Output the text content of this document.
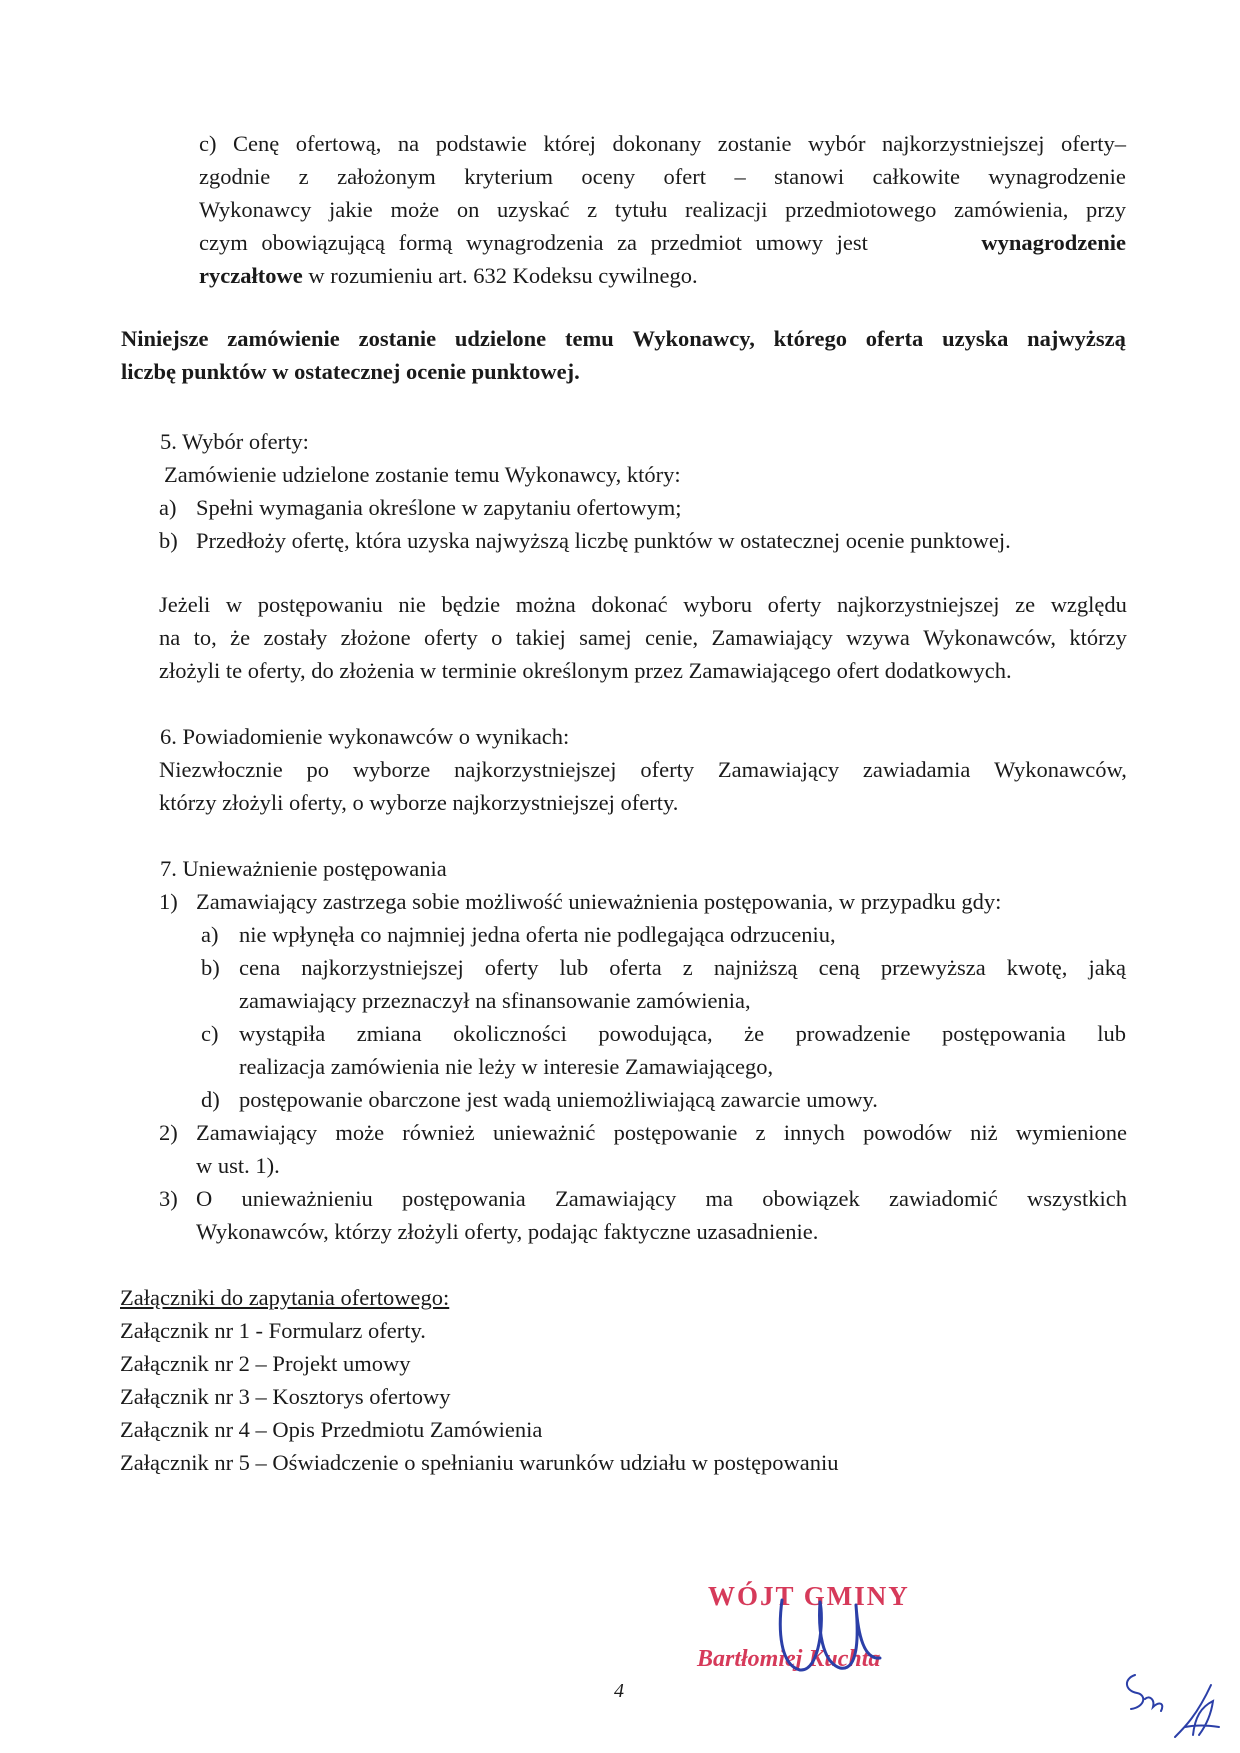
c) Cenę ofertową, na podstawie której dokonany zostanie wybór najkorzystniejszej oferty–
zgodnie z założonym kryterium oceny ofert – stanowi całkowite wynagrodzenie
Wykonawcy jakie może on uzyskać z tytułu realizacji przedmiotowego zamówienia, przy
czym obowiązującą formą wynagrodzenia za przedmiot umowy jest	wynagrodzenie
ryczałtowe w rozumieniu art. 632 Kodeksu cywilnego.
Niniejsze zamówienie zostanie udzielone temu Wykonawcy, którego oferta uzyska najwyższą
liczbę punktów w ostatecznej ocenie punktowej.
5. Wybór oferty:
Zamówienie udzielone zostanie temu Wykonawcy, który:
a) Spełni wymagania określone w zapytaniu ofertowym;
b) Przedłoży ofertę, która uzyska najwyższą liczbę punktów w ostatecznej ocenie punktowej.
Jeżeli w postępowaniu nie będzie można dokonać wyboru oferty najkorzystniejszej ze względu
na to, że zostały złożone oferty o takiej samej cenie, Zamawiający wzywa Wykonawców, którzy
złożyli te oferty, do złożenia w terminie określonym przez Zamawiającego ofert dodatkowych.
6. Powiadomienie wykonawców o wynikach:
Niezwłocznie po wyborze najkorzystniejszej oferty Zamawiający zawiadamia Wykonawców,
którzy złożyli oferty, o wyborze najkorzystniejszej oferty.
7. Unieważnienie postępowania
1) Zamawiający zastrzega sobie możliwość unieważnienia postępowania, w przypadku gdy:
a) nie wpłynęła co najmniej jedna oferta nie podlegająca odrzuceniu,
b) cena najkorzystniejszej oferty lub oferta z najniższą ceną przewyższa kwotę, jaką
zamawiający przeznaczył na sfinansowanie zamówienia,
c) wystąpiła zmiana okoliczności powodująca, że prowadzenie postępowania lub
realizacja zamówienia nie leży w interesie Zamawiającego,
d) postępowanie obarczone jest wadą uniemożliwiającą zawarcie umowy.
2) Zamawiający może również unieważnić postępowanie z innych powodów niż wymienione
w ust. 1).
3) O unieważnieniu postępowania Zamawiający ma obowiązek zawiadomić wszystkich
Wykonawców, którzy złożyli oferty, podając faktyczne uzasadnienie.
Załączniki do zapytania ofertowego:
Załącznik nr 1 - Formularz oferty.
Załącznik nr 2 – Projekt umowy
Załącznik nr 3 – Kosztorys ofertowy
Załącznik nr 4 – Opis Przedmiotu Zamówienia
Załącznik nr 5 – Oświadczenie o spełnianiu warunków udziału w postępowaniu
WÓJT GMINY
Bartłomiej Kuchta
4
